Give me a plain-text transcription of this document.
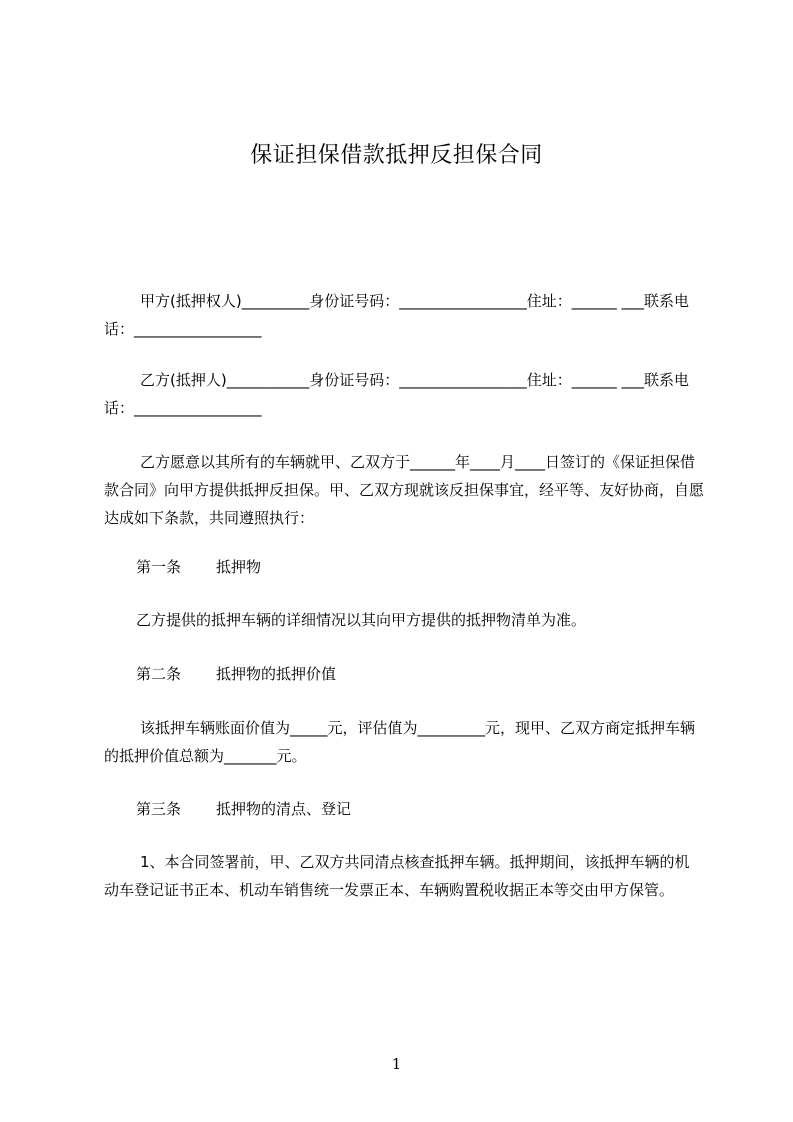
保证担保借款抵押反担保合同
甲方(抵押权人)_________身份证号码：_________________住址：______ ___联系电话：_________________
乙方(抵押人)___________身份证号码：_________________住址：______ ___联系电话：_________________
乙方愿意以其所有的车辆就甲、乙双方于______年____月____日签订的《保证担保借款合同》向甲方提供抵押反担保。甲、乙双方现就该反担保事宜，经平等、友好协商，自愿达成如下条款，共同遵照执行：
第一条 抵押物
乙方提供的抵押车辆的详细情况以其向甲方提供的抵押物清单为准。
第二条 抵押物的抵押价值
该抵押车辆账面价值为_____元，评估值为_________元，现甲、乙双方商定抵押车辆的抵押价值总额为_______元。
第三条 抵押物的清点、登记
1、本合同签署前，甲、乙双方共同清点核查抵押车辆。抵押期间，该抵押车辆的机动车登记证书正本、机动车销售统一发票正本、车辆购置税收据正本等交由甲方保管。
1
